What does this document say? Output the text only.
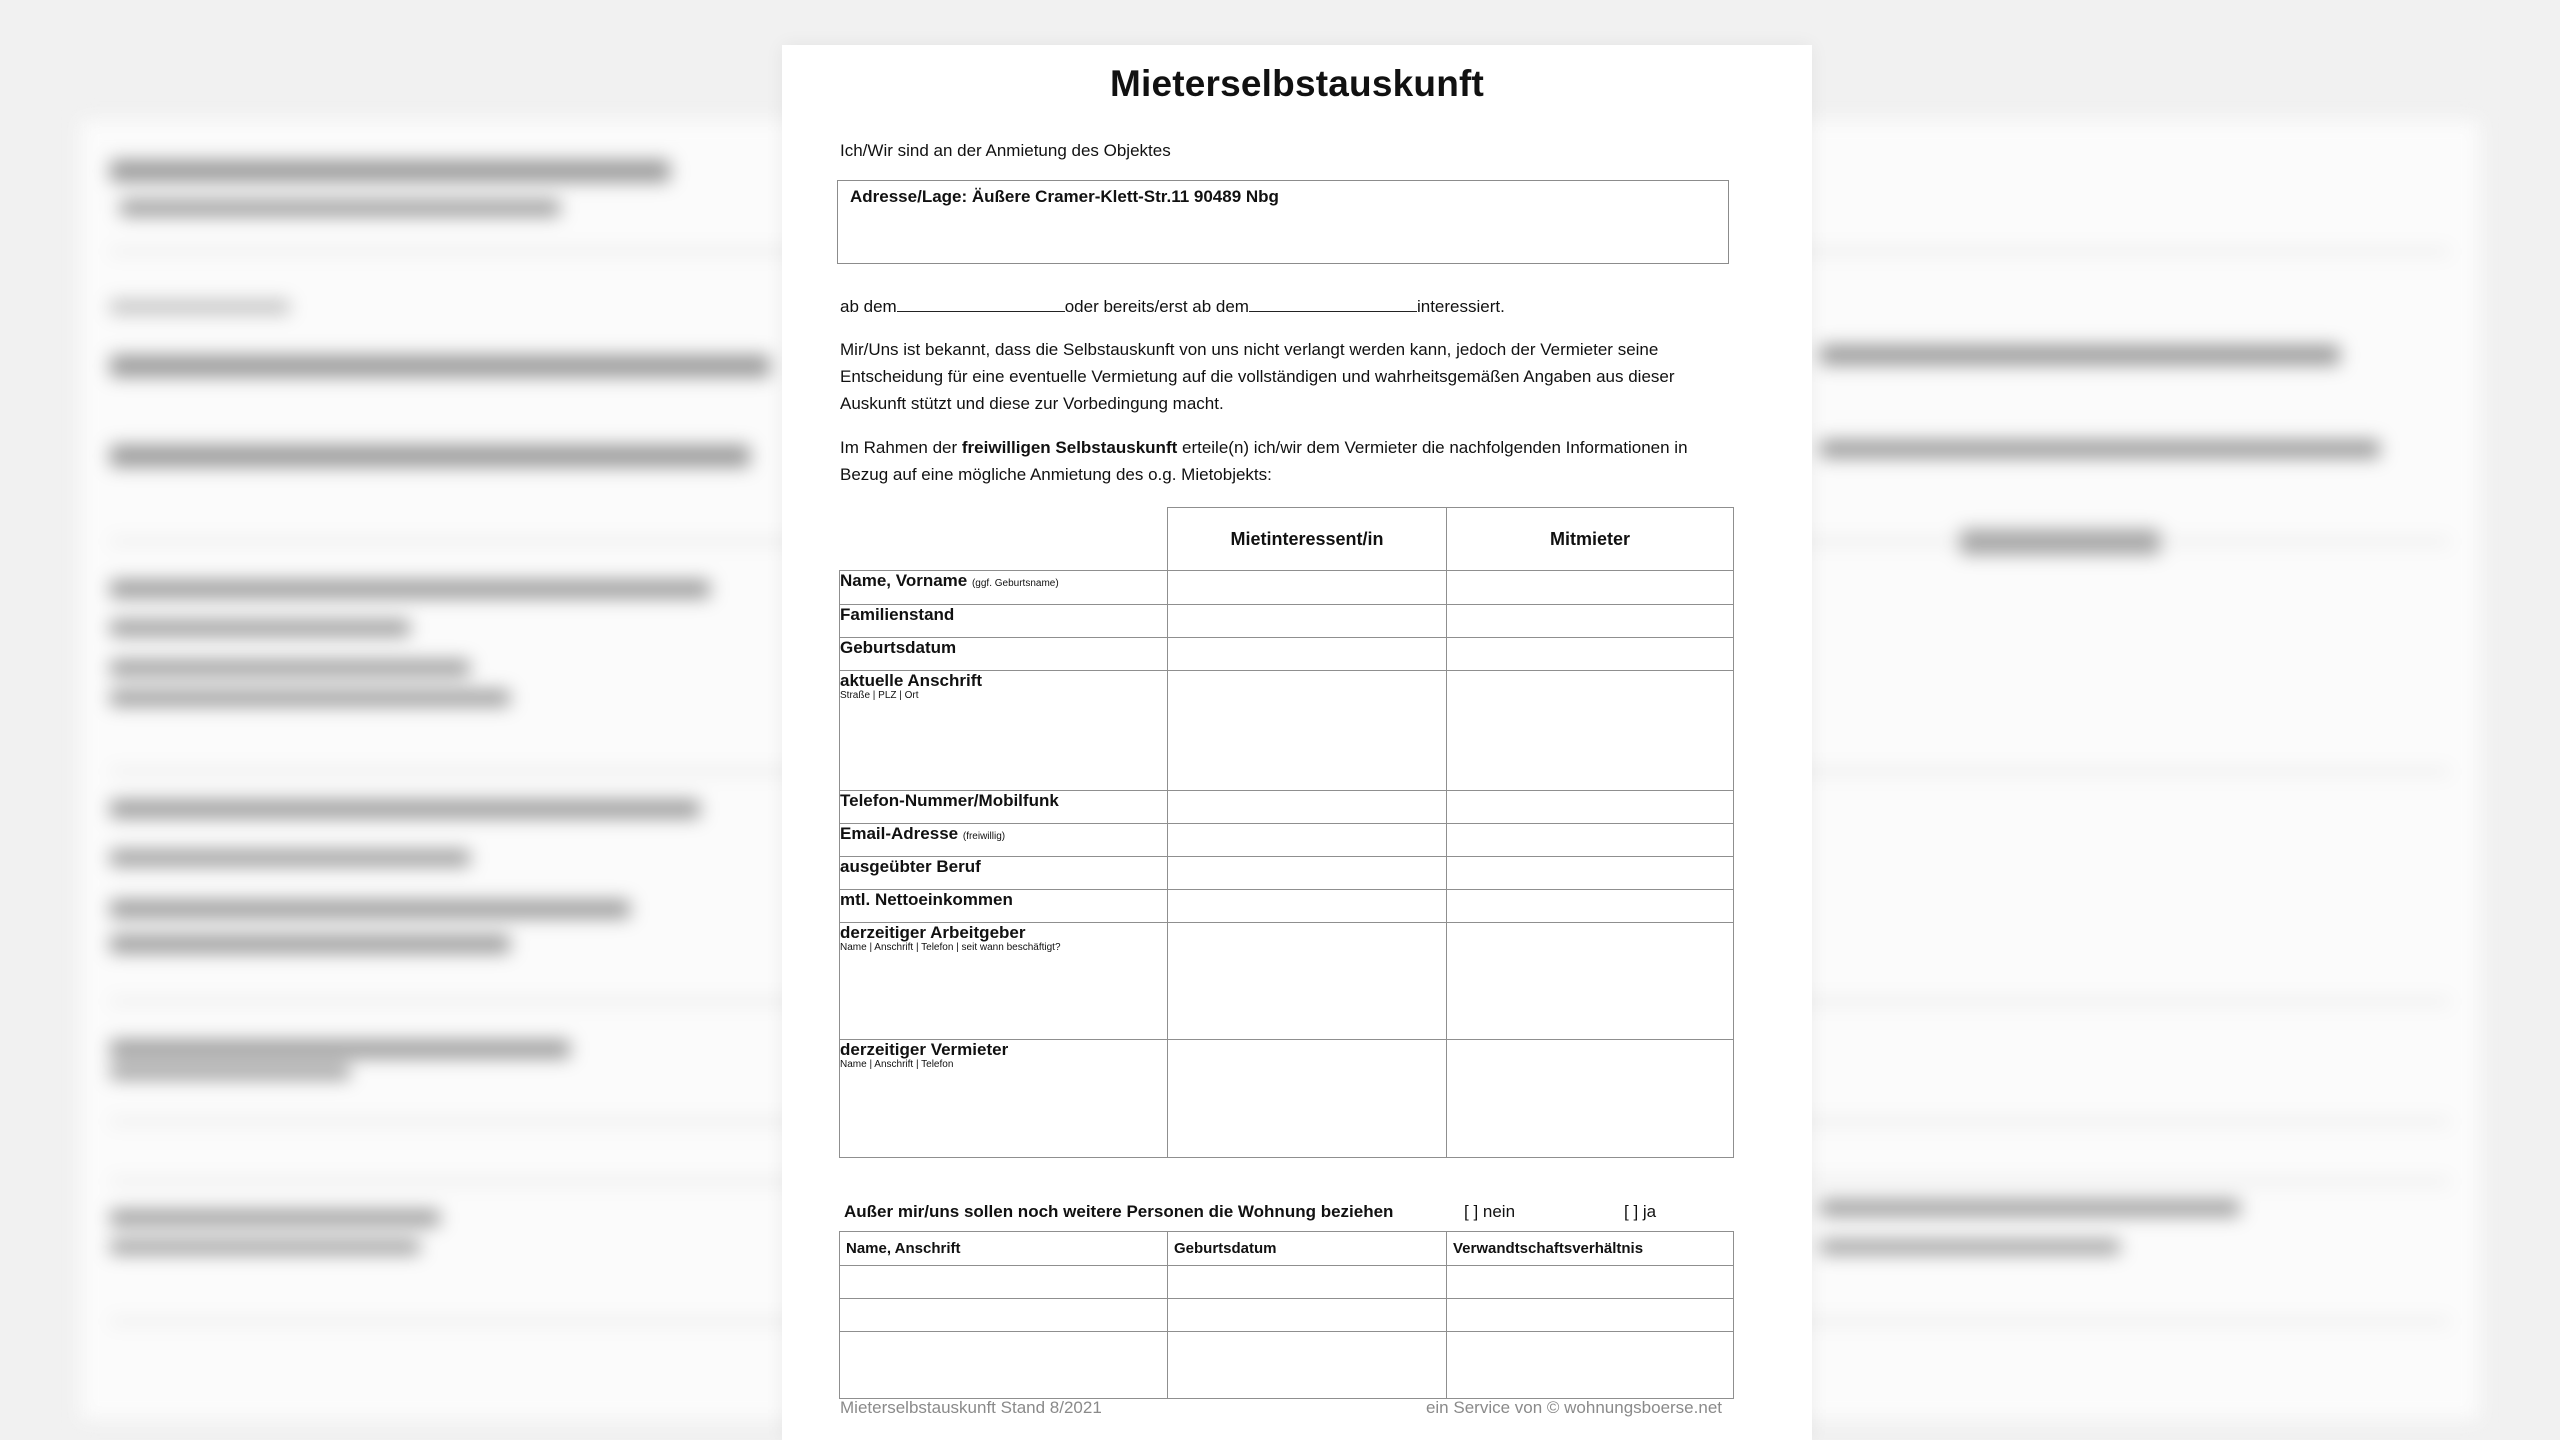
Mieterselbstauskunft
Ich/Wir sind an der Anmietung des Objektes
Adresse/Lage: Äußere Cramer-Klett-Str.11 90489 Nbg
ab dem	oder bereits/erst ab dem	interessiert.
Mir/Uns ist bekannt, dass die Selbstauskunft von uns nicht verlangt werden kann, jedoch der Vermieter seine Entscheidung für eine eventuelle Vermietung auf die vollständigen und wahrheitsgemäßen Angaben aus dieser Auskunft stützt und diese zur Vorbedingung macht.
Im Rahmen der freiwilligen Selbstauskunft erteile(n) ich/wir dem Vermieter die nachfolgenden Informationen in Bezug auf eine mögliche Anmietung des o.g. Mietobjekts:
	Mietinteressent/in	Mitmieter
Name, Vorname (ggf. Geburtsname)		
Familienstand		
Geburtsdatum		
aktuelle Anschrift
Straße | PLZ | Ort		

Telefon-Nummer/Mobilfunk		
Email-Adresse (freiwillig)		
ausgeübter Beruf		
mtl. Nettoeinkommen		
derzeitiger Arbeitgeber
Name | Anschrift | Telefon | seit wann beschäftigt?		

derzeitiger Vermieter
Name | Anschrift | Telefon		

Außer mir/uns sollen noch weitere Personen die Wohnung beziehen	[ ] nein	[ ] ja
Name, Anschrift	Geburtsdatum	Verwandtschaftsverhältnis

Mieterselbstauskunft Stand 8/2021	ein Service von © wohnungsboerse.net
